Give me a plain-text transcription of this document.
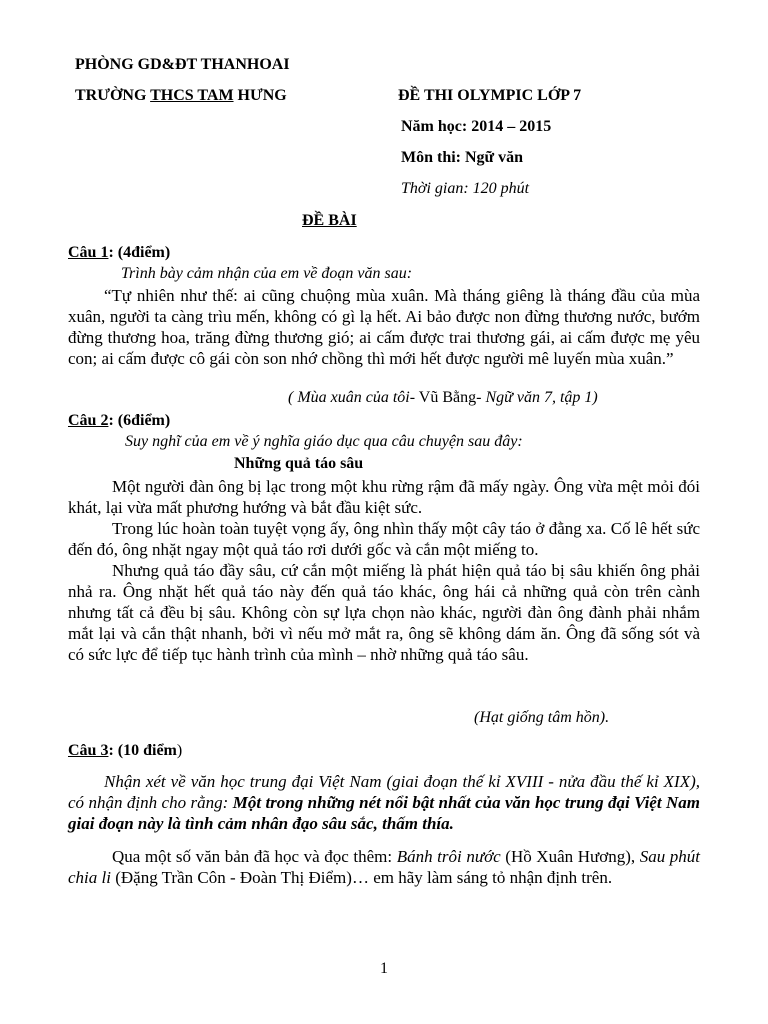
PHÒNG GD&ĐT THANHOAI
TRƯỜNG THCS TAM HƯNG	ĐỀ THI OLYMPIC LỚP 7
Năm học: 2014 – 2015
Môn thi: Ngữ văn
Thời gian: 120 phút
ĐỀ BÀI
Câu 1: (4điểm)
Trình bày cảm nhận của em về đoạn văn sau:

“Tự nhiên như thế: ai cũng chuộng mùa xuân. Mà tháng giêng là tháng đầu của mùa xuân, người ta càng trìu mến, không có gì lạ hết. Ai bảo được non đừng thương nước, bướm đừng thương hoa, trăng đừng thương gió; ai cấm được trai thương gái, ai cấm được mẹ yêu con; ai cấm được cô gái còn son nhớ chồng thì mới hết được người mê luyến mùa xuân.”

( Mùa xuân của tôi- Vũ Bằng- Ngữ văn 7, tập 1)
Câu 2: (6điểm)
Suy nghĩ của em về ý nghĩa giáo dục qua câu chuyện sau đây:
Những quả táo sâu

Một người đàn ông bị lạc trong một khu rừng rậm đã mấy ngày. Ông vừa mệt mỏi đói khát, lại vừa mất phương hướng và bắt đầu kiệt sức.

Trong lúc hoàn toàn tuyệt vọng ấy, ông nhìn thấy một cây táo ở đằng xa. Cố lê hết sức đến đó, ông nhặt ngay một quả táo rơi dưới gốc và cắn một miếng to.

Nhưng quả táo đầy sâu, cứ cắn một miếng là phát hiện quả táo bị sâu khiến ông phải nhả ra. Ông nhặt hết quả táo này đến quả táo khác, ông hái cả những quả còn trên cành nhưng tất cả đều bị sâu. Không còn sự lựa chọn nào khác, người đàn ông đành phải nhắm mắt lại và cắn thật nhanh, bởi vì nếu mở mắt ra, ông sẽ không dám ăn. Ông đã sống sót và có sức lực để tiếp tục hành trình của mình – nhờ những quả táo sâu.

(Hạt giống tâm hồn).
Câu 3: (10 điểm)

Nhận xét về văn học trung đại Việt Nam (giai đoạn thế kỉ XVIII - nửa đầu thế kỉ XIX), có nhận định cho rằng: Một trong những nét nổi bật nhất của văn học trung đại Việt Nam giai đoạn này là tình cảm nhân đạo sâu sắc, thấm thía.

Qua một số văn bản đã học và đọc thêm: Bánh trôi nước (Hồ Xuân Hương), Sau phút chia li (Đặng Trần Côn - Đoàn Thị Điểm)… em hãy làm sáng tỏ nhận định trên.

1
